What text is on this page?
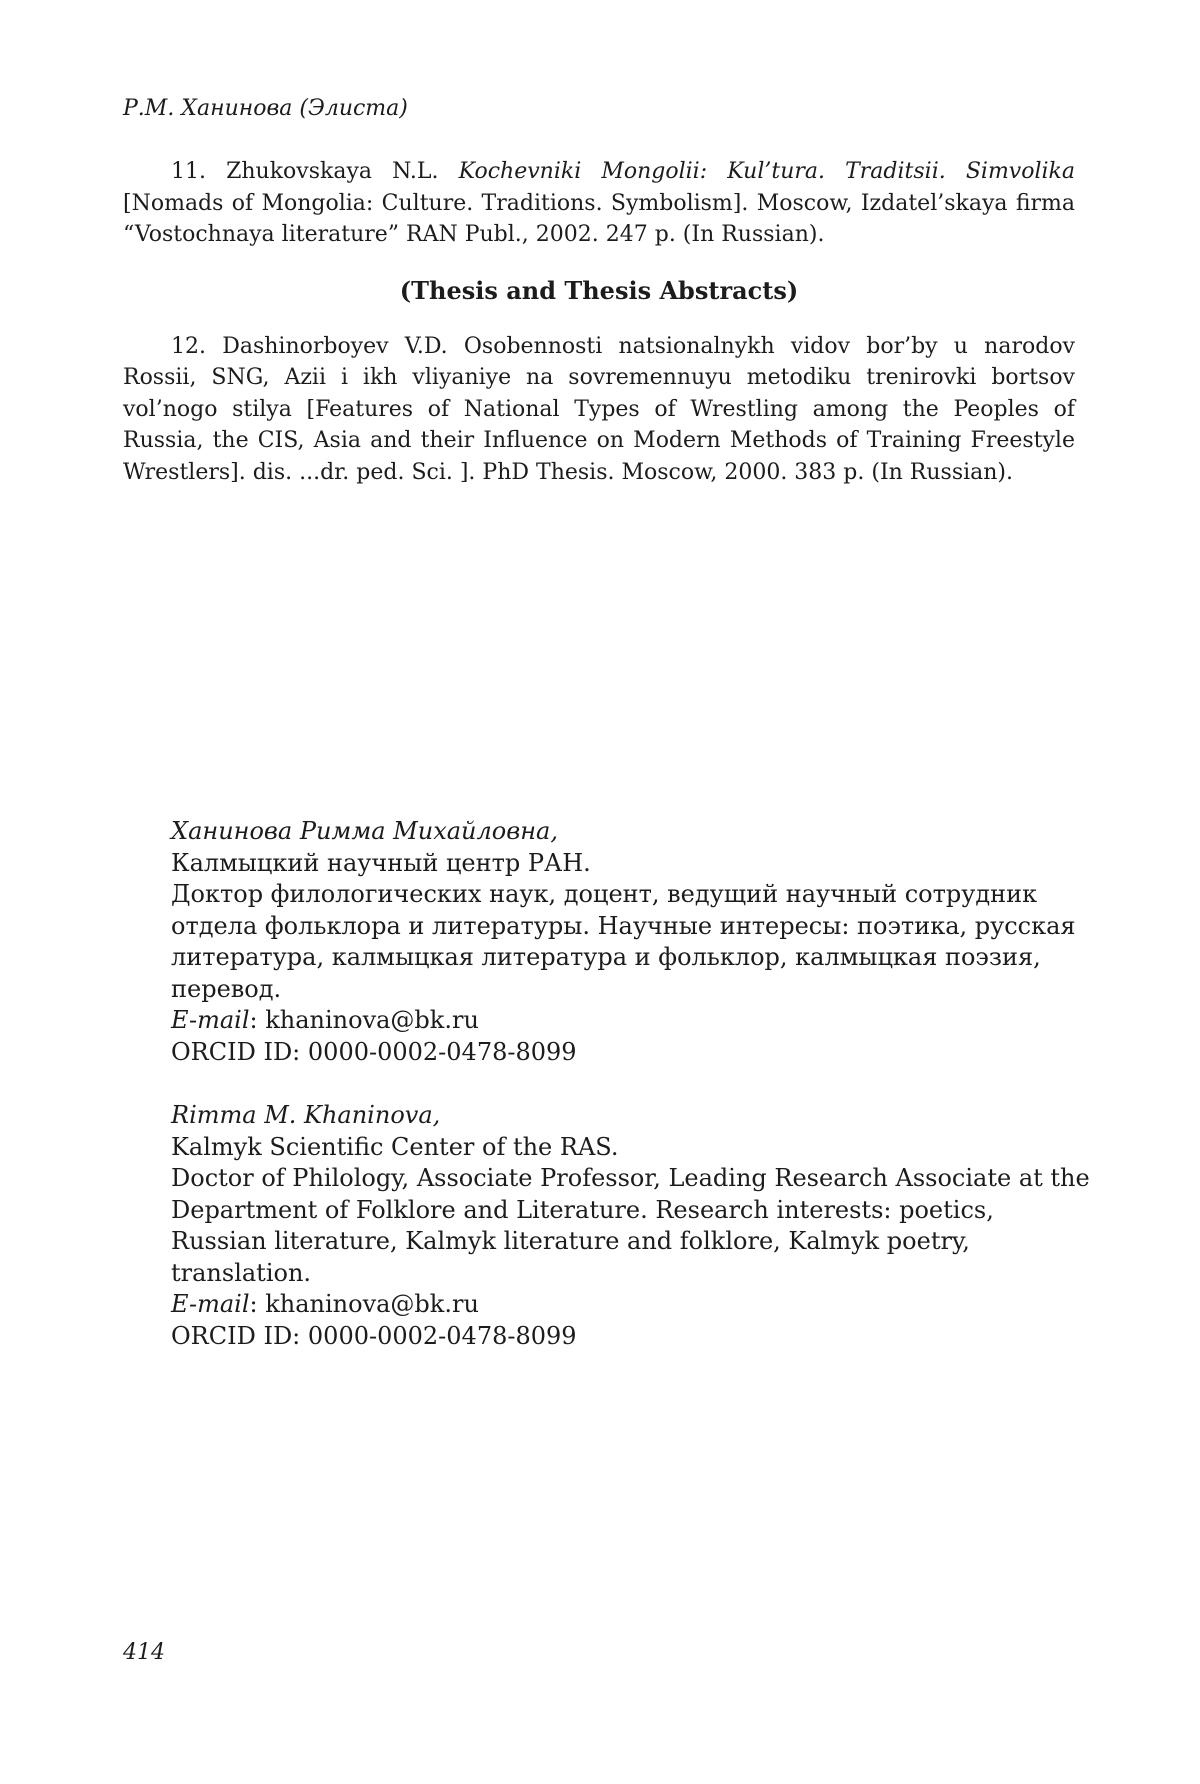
Р.М. Ханинова (Элиста)

11. Zhukovskaya N.L. Kochevniki Mongolii: Kul’tura. Traditsii. Simvolika [Nomads of Mongolia: Culture. Traditions. Symbolism]. Moscow, Izdatel’skaya firma “Vostochnaya literature” RAN Publ., 2002. 247 p. (In Russian).

(Thesis and Thesis Abstracts)

12. Dashinorboyev V.D. Osobennosti natsionalnykh vidov bor’by u narodov Rossii, SNG, Azii i ikh vliyaniye na sovremennuyu metodiku trenirovki bortsov vol’nogo stilya [Features of National Types of Wrestling among the Peoples of Russia, the CIS, Asia and their Influence on Modern Methods of Training Freestyle Wrestlers]. dis. ...dr. ped. Sci. ]. PhD Thesis. Moscow, 2000. 383 p. (In Russian).

Ханинова Римма Михайловна,

Калмыцкий научный центр РАН.

Доктор филологических наук, доцент, ведущий научный сотрудник отдела фольклора и литературы. Научные интересы: поэтика, русская литература, калмыцкая литература и фольклор, калмыцкая поэзия, перевод.

E-mail: khaninova@bk.ru

ORCID ID: 0000-0002-0478-8099

Rimma M. Khaninova,

Kalmyk Scientific Center of the RAS.

Doctor of Philology, Associate Professor, Leading Research Associate at the Department of Folklore and Literature. Research interests: poetics, Russian literature, Kalmyk literature and folklore, Kalmyk poetry, translation.

E-mail: khaninova@bk.ru

ORCID ID: 0000-0002-0478-8099

414
